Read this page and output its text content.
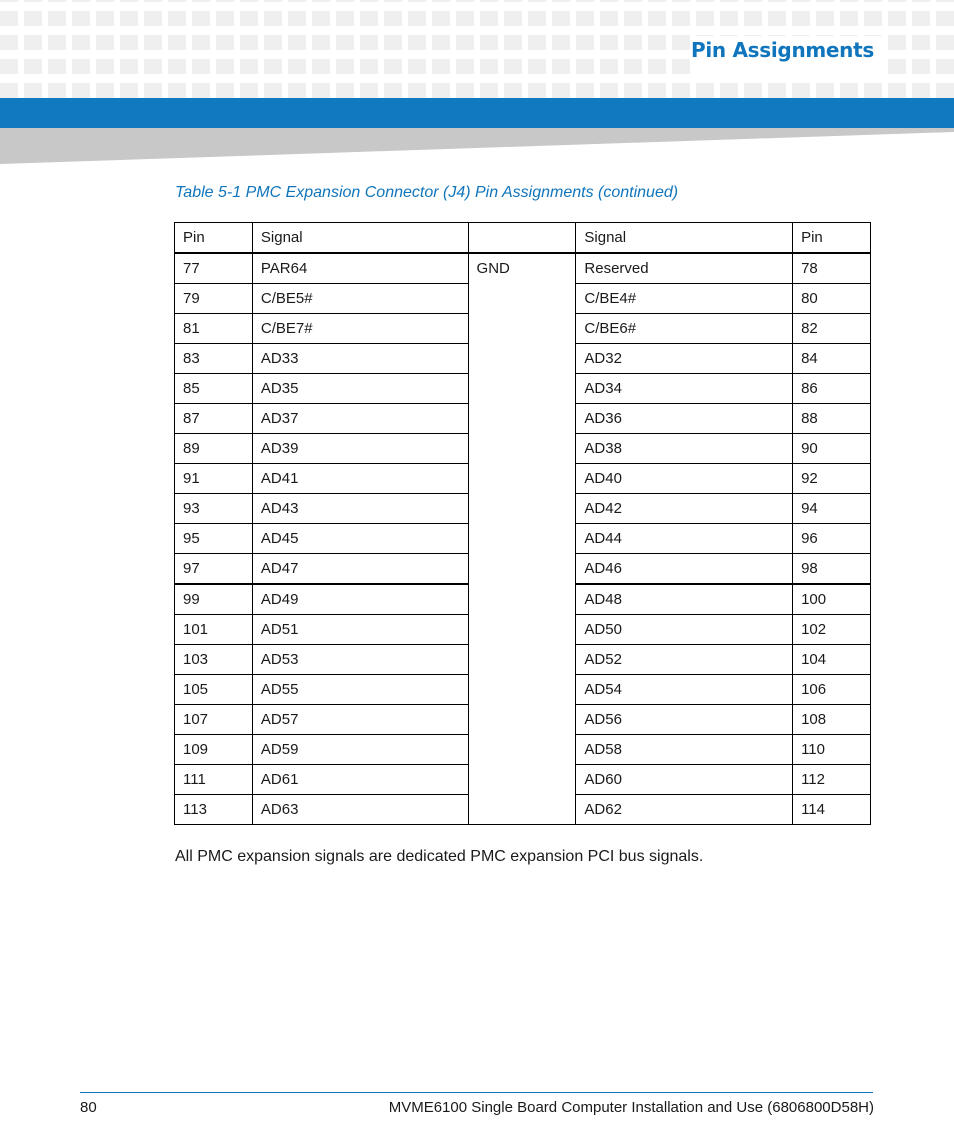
Pin Assignments
Table 5-1 PMC Expansion Connector (J4) Pin Assignments (continued)
Pin	Signal		Signal	Pin
77	PAR64	GND	Reserved	78
79	C/BE5#		C/BE4#	80
81	C/BE7#		C/BE6#	82
83	AD33		AD32	84
85	AD35		AD34	86
87	AD37		AD36	88
89	AD39		AD38	90
91	AD41		AD40	92
93	AD43		AD42	94
95	AD45		AD44	96
97	AD47		AD46	98
99	AD49		AD48	100
101	AD51		AD50	102
103	AD53		AD52	104
105	AD55		AD54	106
107	AD57		AD56	108
109	AD59		AD58	110
111	AD61		AD60	112
113	AD63		AD62	114
All PMC expansion signals are dedicated PMC expansion PCI bus signals.
80	MVME6100 Single Board Computer Installation and Use (6806800D58H)
